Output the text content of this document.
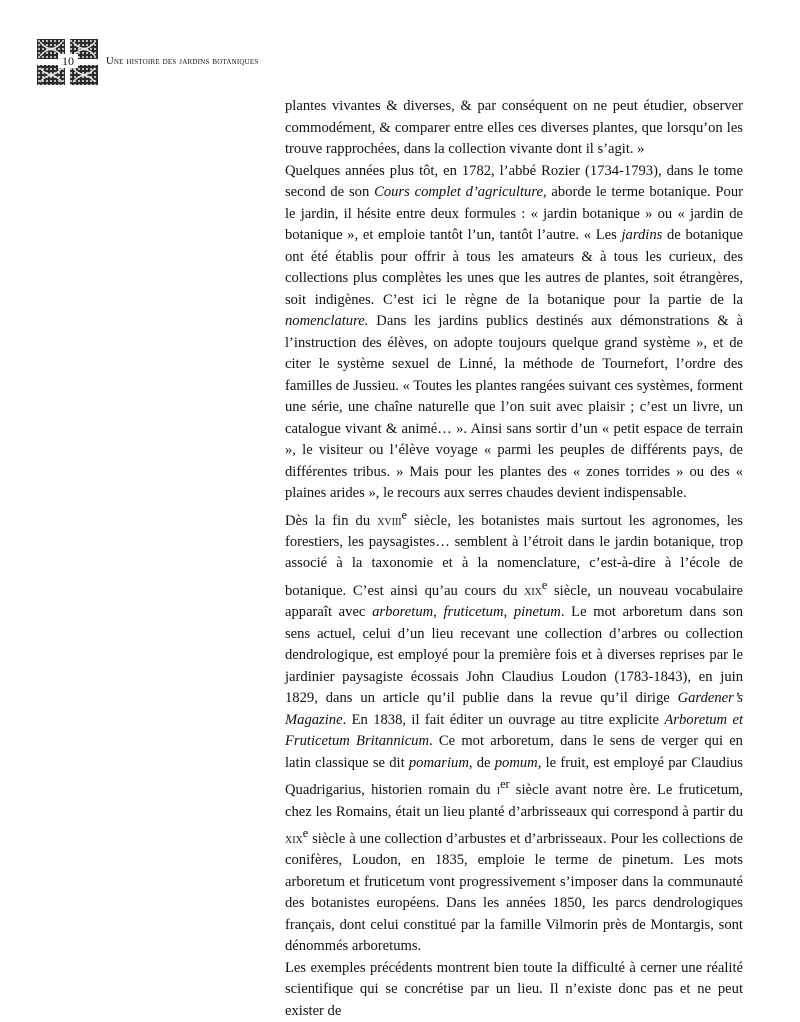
10	Une histoire des jardins botaniques

plantes vivantes & diverses, & par conséquent on ne peut étudier, observer commodément, & comparer entre elles ces diverses plantes, que lorsqu’on les trouve rapprochées, dans la collection vivante dont il s’agit. »

Quelques années plus tôt, en 1782, l’abbé Rozier (1734-1793), dans le tome second de son Cours complet d’agriculture, aborde le terme botanique. Pour le jardin, il hésite entre deux formules : « jardin botanique » ou « jardin de botanique », et emploie tantôt l’un, tantôt l’autre. « Les jardins de botanique ont été établis pour offrir à tous les amateurs & à tous les curieux, des collections plus complètes les unes que les autres de plantes, soit étrangères, soit indigènes. C’est ici le règne de la botanique pour la partie de la nomenclature. Dans les jardins publics destinés aux démonstrations & à l’instruction des élèves, on adopte toujours quelque grand système », et de citer le système sexuel de Linné, la méthode de Tournefort, l’ordre des familles de Jussieu. « Toutes les plantes rangées suivant ces systèmes, forment une série, une chaîne naturelle que l’on suit avec plaisir ; c’est un livre, un catalogue vivant & animé… ». Ainsi sans sortir d’un « petit espace de terrain », le visiteur ou l’élève voyage « parmi les peuples de différents pays, de différentes tribus. » Mais pour les plantes des « zones torrides » ou des « plaines arides », le recours aux serres chaudes devient indispensable.

Dès la fin du xviii$^e$ siècle, les botanistes mais surtout les agronomes, les forestiers, les paysagistes… semblent à l’étroit dans le jardin botanique, trop associé à la taxonomie et à la nomenclature, c’est-à-dire à l’école de botanique. C’est ainsi qu’au cours du xix$^e$ siècle, un nouveau vocabulaire apparaît avec arboretum, fruticetum, pinetum. Le mot arboretum dans son sens actuel, celui d’un lieu recevant une collection d’arbres ou collection dendrologique, est employé pour la première fois et à diverses reprises par le jardinier paysagiste écossais John Claudius Loudon (1783-1843), en juin 1829, dans un article qu’il publie dans la revue qu’il dirige Gardener’s Magazine. En 1838, il fait éditer un ouvrage au titre explicite Arboretum et Fruticetum Britannicum. Ce mot arboretum, dans le sens de verger qui en latin classique se dit pomarium, de pomum, le fruit, est employé par Claudius Quadrigarius, historien romain du $i^{er}$ siècle avant notre ère. Le fruticetum, chez les Romains, était un lieu planté d’arbrisseaux qui correspond à partir du xix$^e$ siècle à une collection d’arbustes et d’arbrisseaux. Pour les collections de conifères, Loudon, en 1835, emploie le terme de pinetum. Les mots arboretum et fruticetum vont progressivement s’imposer dans la communauté des botanistes européens. Dans les années 1850, les parcs dendrologiques français, dont celui constitué par la famille Vilmorin près de Montargis, sont dénommés arboretums.

Les exemples précédents montrent bien toute la difficulté à cerner une réalité scientifique qui se concrétise par un lieu. Il n’existe donc pas et ne peut exister de
